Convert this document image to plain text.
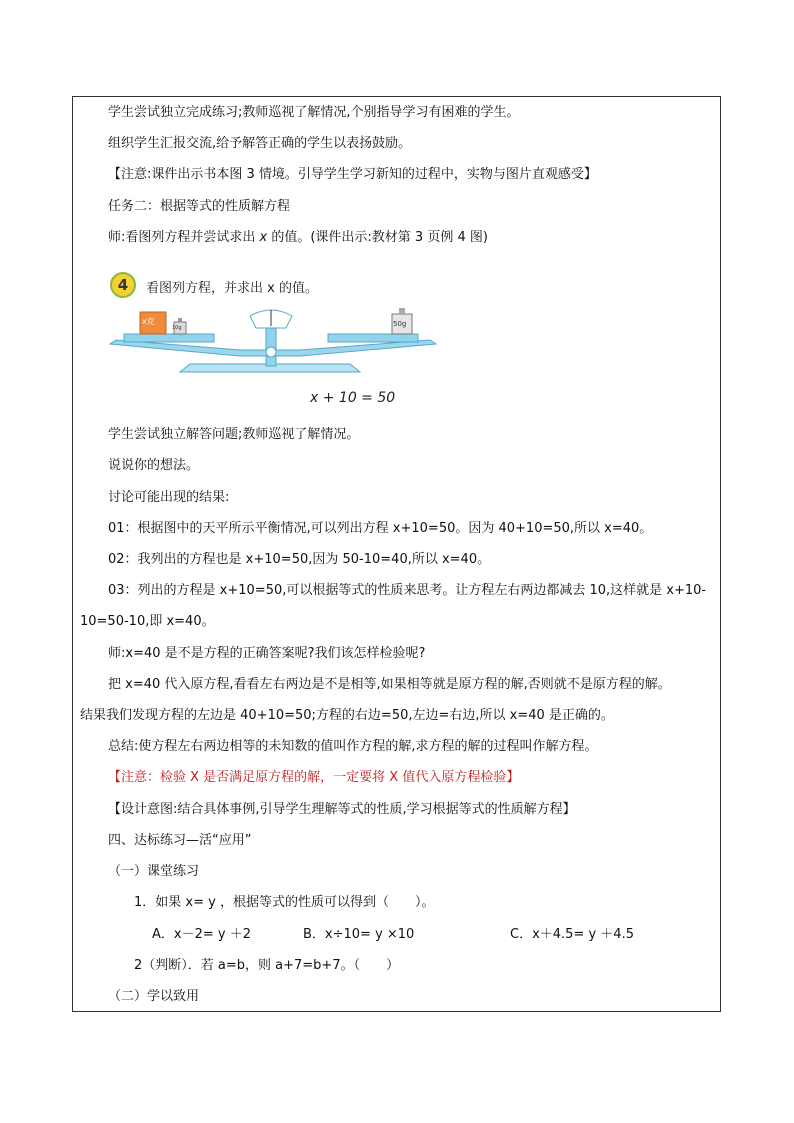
学生尝试独立完成练习;教师巡视了解情况,个别指导学习有困难的学生。
组织学生汇报交流,给予解答正确的学生以表扬鼓励。
【注意:课件出示书本图 3 情境。引导学生学习新知的过程中，实物与图片直观感受】
任务二：根据等式的性质解方程
师:看图列方程并尝试求出 x 的值。(课件出示:教材第 3 页例 4 图)
4	看图列方程，并求出 x 的值。
x克	50g
10g
x + 10 = 50
学生尝试独立解答问题;教师巡视了解情况。
说说你的想法。
讨论可能出现的结果:
01：根据图中的天平所示平衡情况,可以列出方程 x+10=50。因为 40+10=50,所以 x=40。
02：我列出的方程也是 x+10=50,因为 50-10=40,所以 x=40。
03：列出的方程是 x+10=50,可以根据等式的性质来思考。让方程左右两边都减去 10,这样就是 x+10-
10=50-10,即 x=40。
师:x=40 是不是方程的正确答案呢?我们该怎样检验呢?
把 x=40 代入原方程,看看左右两边是不是相等,如果相等就是原方程的解,否则就不是原方程的解。
结果我们发现方程的左边是 40+10=50;方程的右边=50,左边=右边,所以 x=40 是正确的。
总结:使方程左右两边相等的未知数的值叫作方程的解,求方程的解的过程叫作解方程。
【注意：检验 X 是否满足原方程的解，一定要将 X 值代入原方程检验】
【设计意图:结合具体事例,引导学生理解等式的性质,学习根据等式的性质解方程】
四、达标练习—活“应用”
（一）课堂练习
1．如果 x= y ，根据等式的性质可以得到（　　）。
A．x－2= y ＋2	B．x÷10= y ×10	C．x＋4.5= y ＋4.5
2（判断）．若 a=b，则 a+7=b+7。（　　）
（二）学以致用
